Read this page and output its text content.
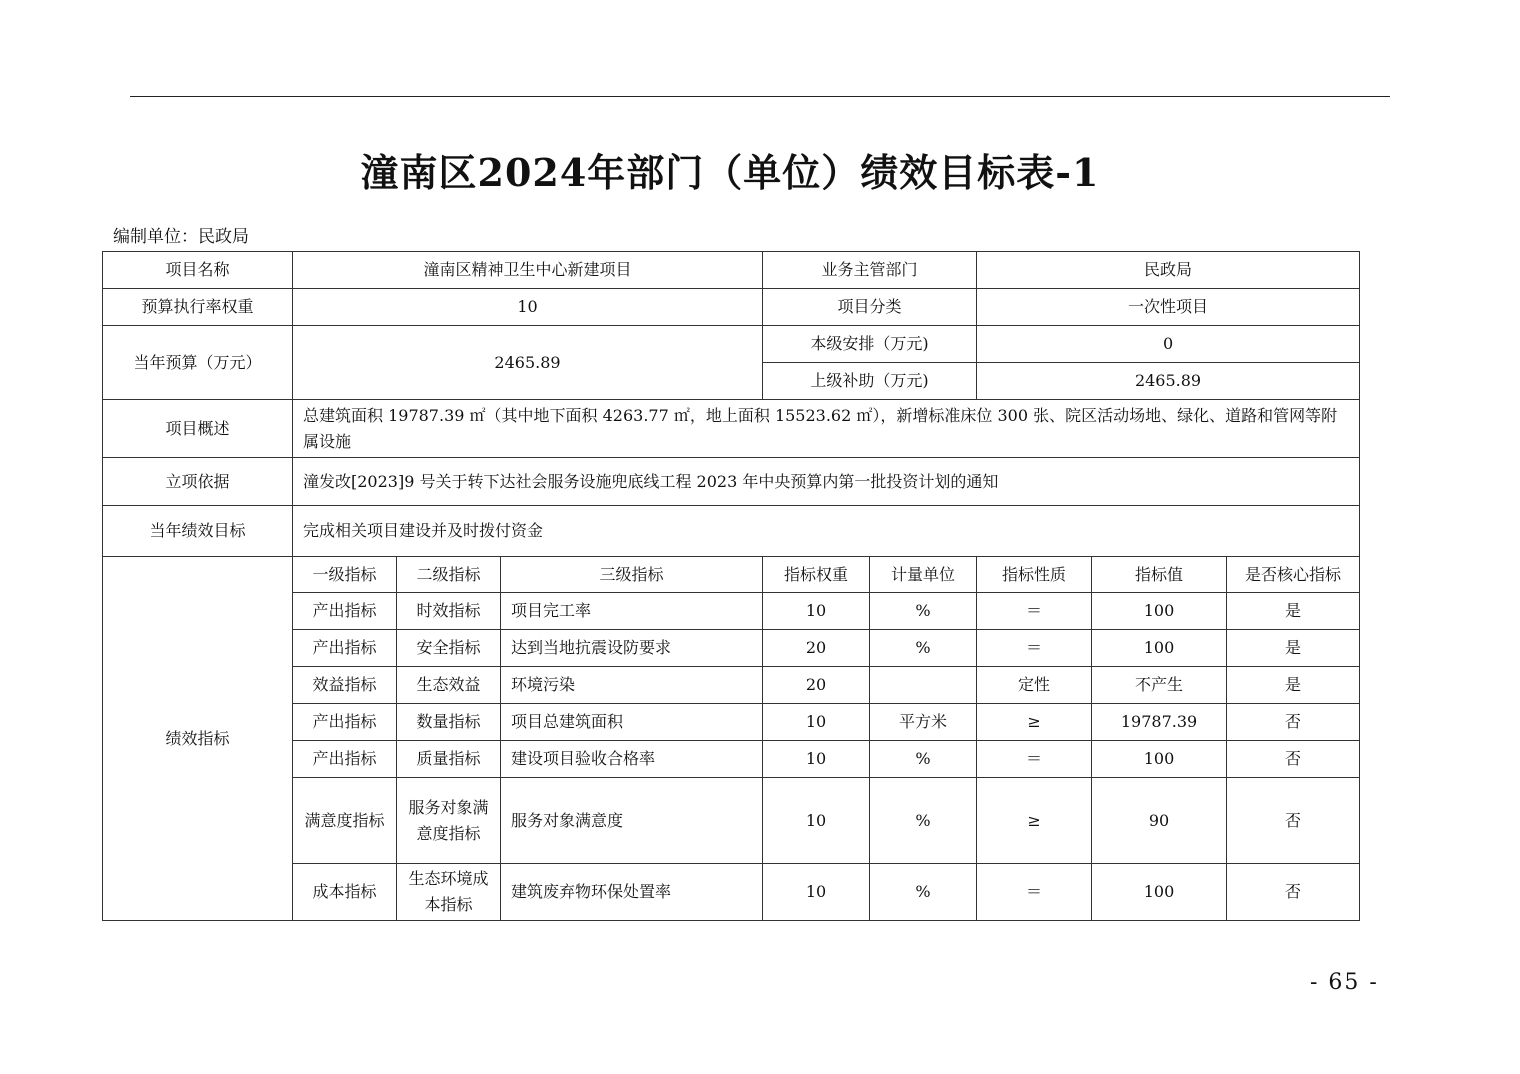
潼南区2024年部门（单位）绩效目标表-1
编制单位：民政局
项目名称	潼南区精神卫生中心新建项目			业务主管部门		民政局		
预算执行率权重	10			项目分类		一次性项目		
当年预算（万元）	2465.89			本级安排（万元)		0		
				上级补助（万元)		2465.89		
项目概述	总建筑面积 19787.39 ㎡（其中地下面积 4263.77 ㎡，地上面积 15523.62 ㎡），新增标准床位 300 张、院区活动场地、绿化、道路和管网等附属设施							
立项依据	潼发改[2023]9 号关于转下达社会服务设施兜底线工程 2023 年中央预算内第一批投资计划的通知							
当年绩效目标	完成相关项目建设并及时拨付资金							
绩效指标	一级指标	二级指标	三级指标	指标权重	计量单位	指标性质	指标值	是否核心指标
	产出指标	时效指标	项目完工率	10	%	＝	100	是
	产出指标	安全指标	达到当地抗震设防要求	20	%	＝	100	是
	效益指标	生态效益	环境污染	20		定性	不产生	是
	产出指标	数量指标	项目总建筑面积	10	平方米	≥	19787.39	否
	产出指标	质量指标	建设项目验收合格率	10	%	＝	100	否
	满意度指标	服务对象满意度指标	服务对象满意度	10	%	≥	90	否
	成本指标	生态环境成本指标	建筑废弃物环保处置率	10	%	＝	100	否
- 65 -
